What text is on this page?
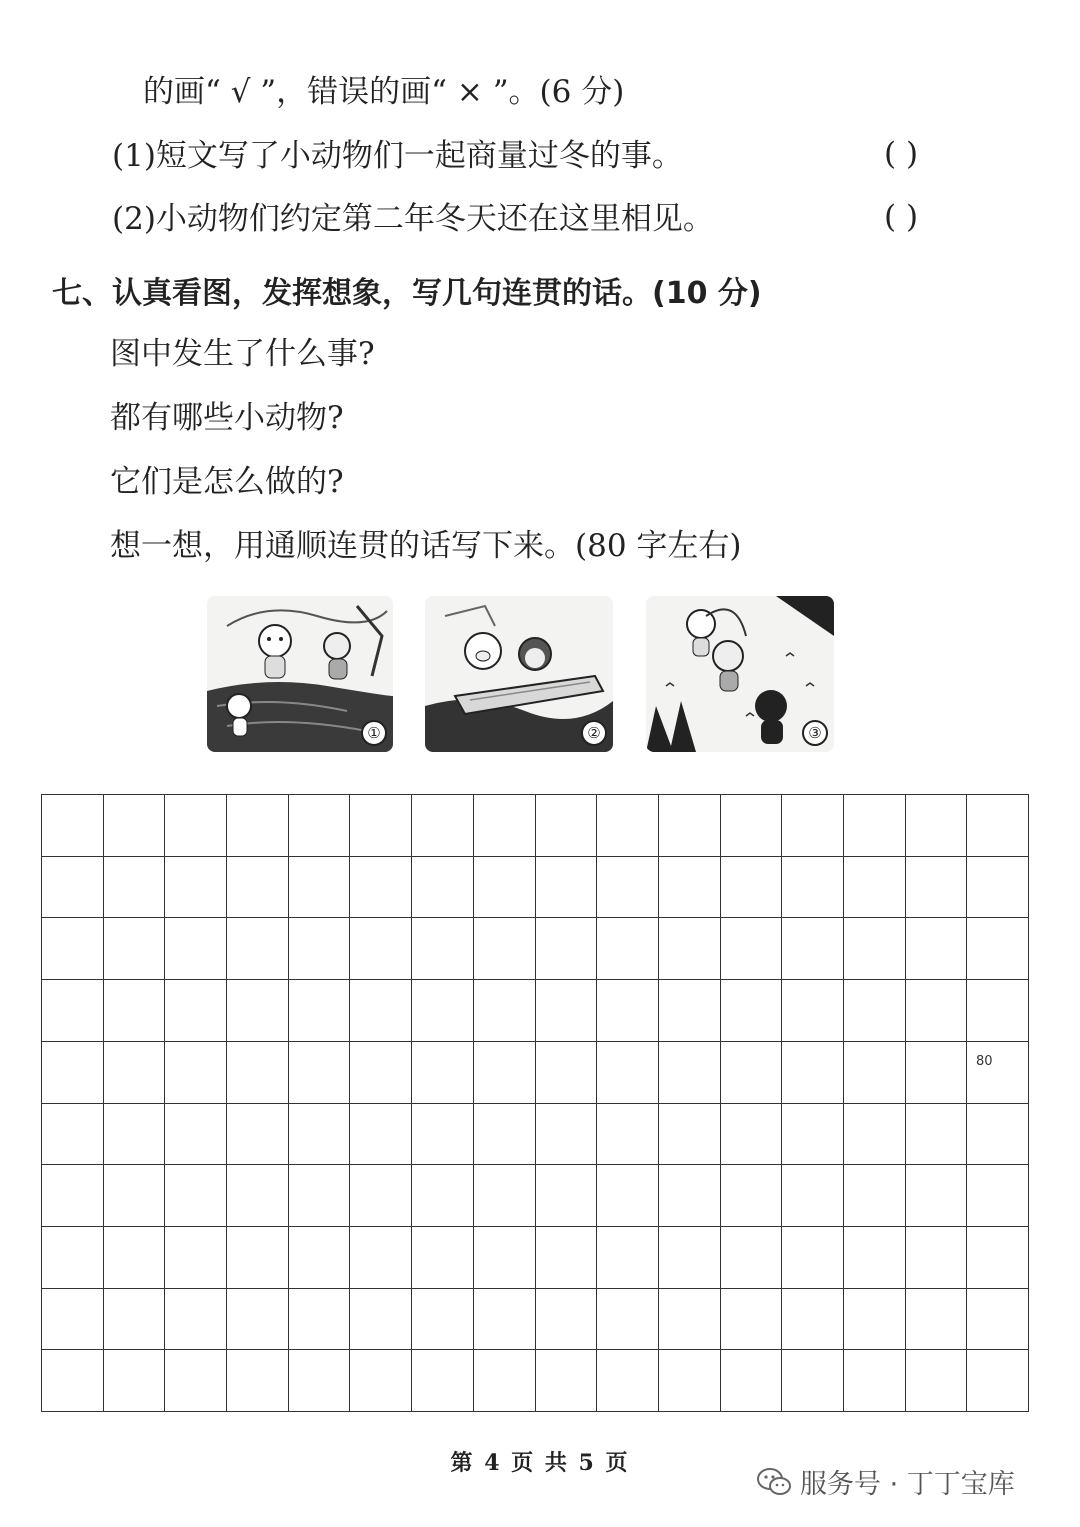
的画“ √ ”，错误的画“ × ”。(6 分)
(1)短文写了小动物们一起商量过冬的事。	( )
(2)小动物们约定第二年冬天还在这里相见。	( )
七、认真看图，发挥想象，写几句连贯的话。(10 分)
图中发生了什么事?
都有哪些小动物?
它们是怎么做的?
想一想，用通顺连贯的话写下来。(80 字左右)
①	②	③
80
第 4 页 共 5 页
服务号 · 丁丁宝库
